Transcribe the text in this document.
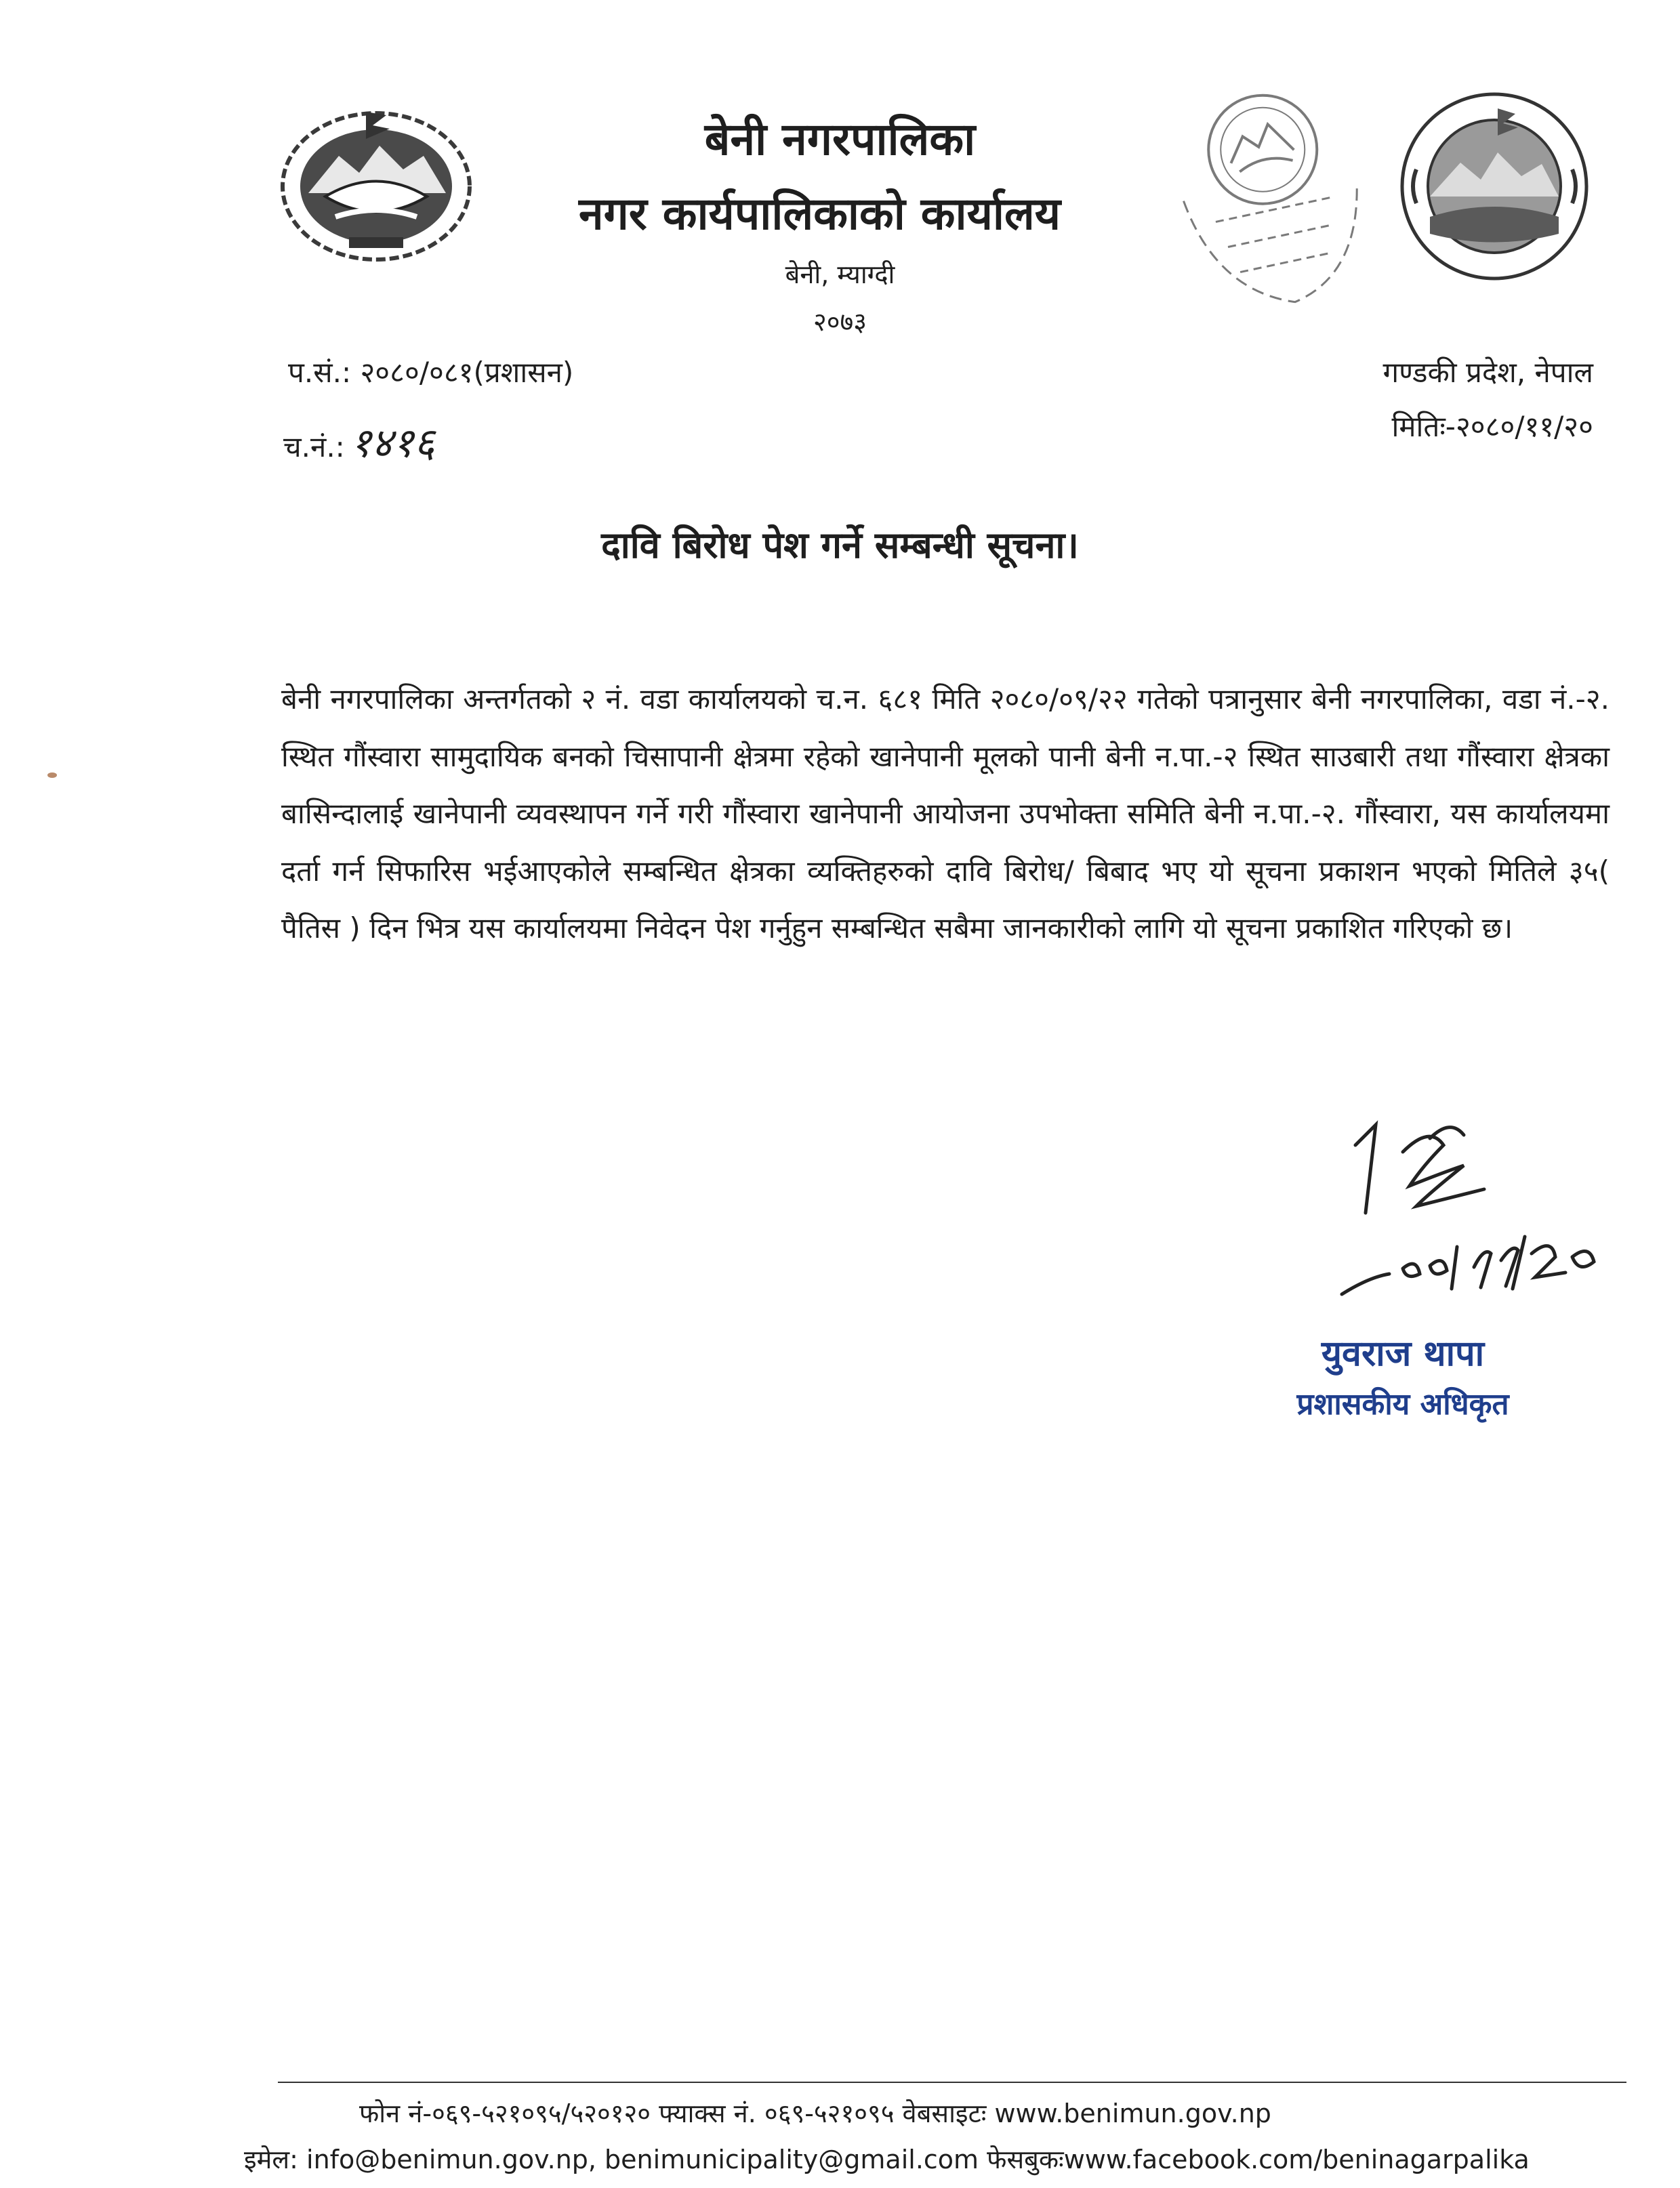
बेनी नगरपालिका
नगर कार्यपालिकाको कार्यालय
बेनी, म्याग्दी
२०७३
प.सं.: २०८०/०८१(प्रशासन)
च.नं.: १४१६
गण्डकी प्रदेश, नेपाल
मितिः-२०८०/११/२०
दावि बिरोध पेश गर्ने सम्बन्धी सूचना।
बेनी नगरपालिका अन्तर्गतको २ नं. वडा कार्यालयको च.न. ६८१ मिति २०८०/०९/२२ गतेको पत्रानुसार बेनी नगरपालिका, वडा नं.-२. स्थित गौंस्वारा सामुदायिक बनको चिसापानी क्षेत्रमा रहेको खानेपानी मूलको पानी बेनी न.पा.-२ स्थित साउबारी तथा गौंस्वारा क्षेत्रका बासिन्दालाई खानेपानी व्यवस्थापन गर्ने गरी गौंस्वारा खानेपानी आयोजना उपभोक्ता समिति बेनी न.पा.-२. गौंस्वारा, यस कार्यालयमा दर्ता गर्न सिफारिस भईआएकोले सम्बन्धित क्षेत्रका व्यक्तिहरुको दावि बिरोध/ बिबाद भए यो सूचना प्रकाशन भएको मितिले ३५( पैतिस ) दिन भित्र यस कार्यालयमा निवेदन पेश गर्नुहुन सम्बन्धित सबैमा जानकारीको लागि यो सूचना प्रकाशित गरिएको छ।
युवराज थापा
प्रशासकीय अधिकृत
फोन नं-०६९-५२१०९५/५२०१२० फ्याक्स नं. ०६९-५२१०९५ वेबसाइटः www.benimun.gov.np
इमेल: info@benimun.gov.np, benimunicipality@gmail.com फेसबुकःwww.facebook.com/beninagarpalika
